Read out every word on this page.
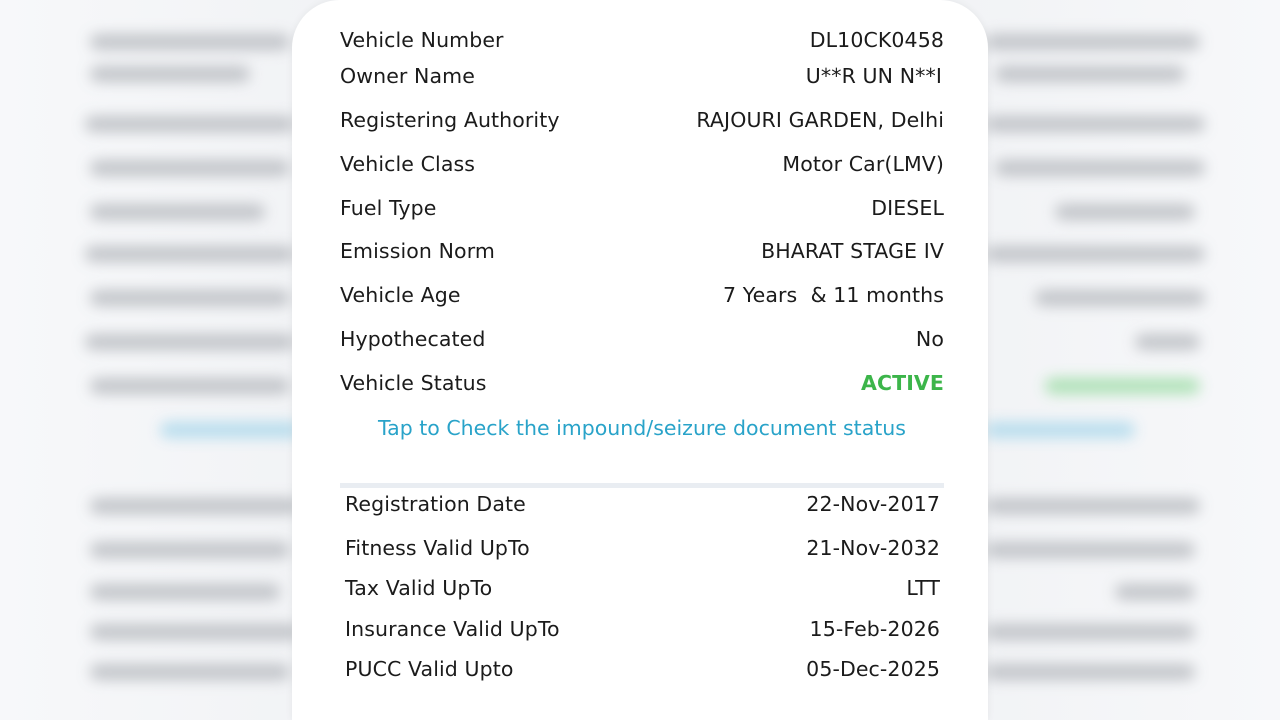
Vehicle Number	DL10CK0458
Owner Name	U**R UN N**I
Registering Authority	RAJOURI GARDEN, Delhi
Vehicle Class	Motor Car(LMV)
Fuel Type	DIESEL
Emission Norm	BHARAT STAGE IV
Vehicle Age	7 Years  & 11 months
Hypothecated	No
Vehicle Status	ACTIVE
Tap to Check the impound/seizure document status
Registration Date	22-Nov-2017
Fitness Valid UpTo	21-Nov-2032
Tax Valid UpTo	LTT
Insurance Valid UpTo	15-Feb-2026
PUCC Valid Upto	05-Dec-2025
